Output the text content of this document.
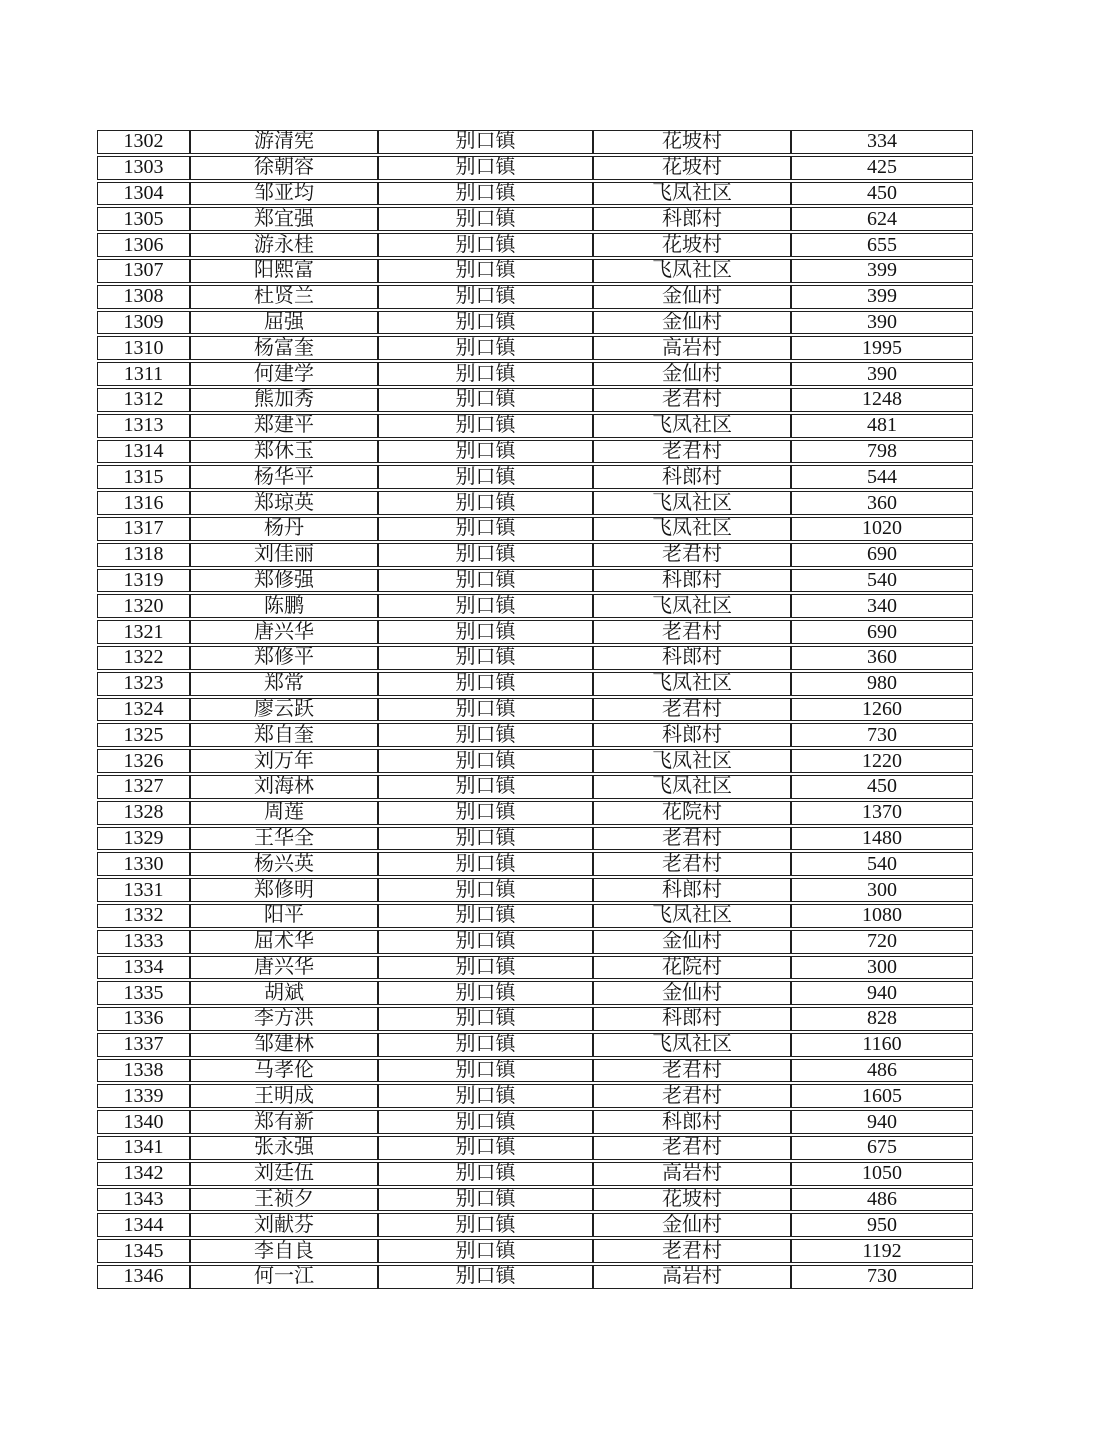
1302	游清宪	别口镇	花坡村	334
1303	徐朝容	别口镇	花坡村	425
1304	邹亚均	别口镇	飞凤社区	450
1305	郑宜强	别口镇	科郎村	624
1306	游永桂	别口镇	花坡村	655
1307	阳熙富	别口镇	飞凤社区	399
1308	杜贤兰	别口镇	金仙村	399
1309	屈强	别口镇	金仙村	390
1310	杨富奎	别口镇	高岩村	1995
1311	何建学	别口镇	金仙村	390
1312	熊加秀	别口镇	老君村	1248
1313	郑建平	别口镇	飞凤社区	481
1314	郑休玉	别口镇	老君村	798
1315	杨华平	别口镇	科郎村	544
1316	郑琼英	别口镇	飞凤社区	360
1317	杨丹	别口镇	飞凤社区	1020
1318	刘佳丽	别口镇	老君村	690
1319	郑修强	别口镇	科郎村	540
1320	陈鹏	别口镇	飞凤社区	340
1321	唐兴华	别口镇	老君村	690
1322	郑修平	别口镇	科郎村	360
1323	郑常	别口镇	飞凤社区	980
1324	廖云跃	别口镇	老君村	1260
1325	郑自奎	别口镇	科郎村	730
1326	刘万年	别口镇	飞凤社区	1220
1327	刘海林	别口镇	飞凤社区	450
1328	周莲	别口镇	花院村	1370
1329	王华全	别口镇	老君村	1480
1330	杨兴英	别口镇	老君村	540
1331	郑修明	别口镇	科郎村	300
1332	阳平	别口镇	飞凤社区	1080
1333	屈术华	别口镇	金仙村	720
1334	唐兴华	别口镇	花院村	300
1335	胡斌	别口镇	金仙村	940
1336	李方洪	别口镇	科郎村	828
1337	邹建林	别口镇	飞凤社区	1160
1338	马孝伦	别口镇	老君村	486
1339	王明成	别口镇	老君村	1605
1340	郑有新	别口镇	科郎村	940
1341	张永强	别口镇	老君村	675
1342	刘廷伍	别口镇	高岩村	1050
1343	王祯夕	别口镇	花坡村	486
1344	刘献芬	别口镇	金仙村	950
1345	李自良	别口镇	老君村	1192
1346	何一江	别口镇	高岩村	730
